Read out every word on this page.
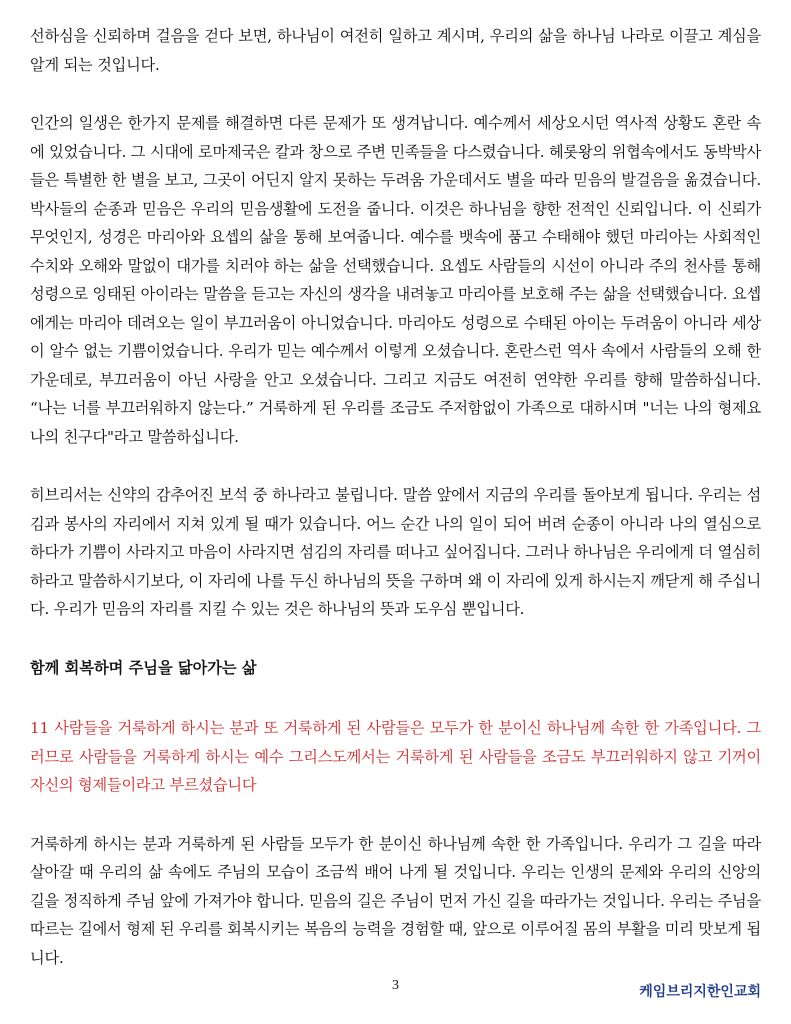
선하심을 신뢰하며 걸음을 걷다 보면, 하나님이 여전히 일하고 계시며, 우리의 삶을 하나님 나라로 이끌고 계심을 알게 되는 것입니다.

인간의 일생은 한가지 문제를 해결하면 다른 문제가 또 생겨납니다. 예수께서 세상오시던 역사적 상황도 혼란 속에 있었습니다. 그 시대에 로마제국은 칼과 창으로 주변 민족들을 다스렸습니다. 헤롯왕의 위협속에서도 동박박사들은 특별한 한 별을 보고, 그곳이 어딘지 알지 못하는 두려움 가운데서도 별을 따라 믿음의 발걸음을 옮겼습니다. 박사들의 순종과 믿음은 우리의 믿음생활에 도전을 줍니다. 이것은 하나님을 향한 전적인 신뢰입니다. 이 신뢰가 무엇인지, 성경은 마리아와 요셉의 삶을 통해 보여줍니다. 예수를 뱃속에 품고 수태해야 했던 마리아는 사회적인 수치와 오해와 말없이 대가를 치러야 하는 삶을 선택했습니다. 요셉도 사람들의 시선이 아니라 주의 천사를 통해 성령으로 잉태된 아이라는 말씀을 듣고는 자신의 생각을 내려놓고 마리아를 보호해 주는 삶을 선택했습니다. 요셉에게는 마리아 데려오는 일이 부끄러움이 아니었습니다. 마리아도 성령으로 수태된 아이는 두려움이 아니라 세상이 알수 없는 기쁨이었습니다. 우리가 믿는 예수께서 이렇게 오셨습니다. 혼란스런 역사 속에서 사람들의 오해 한가운데로, 부끄러움이 아닌 사랑을 안고 오셨습니다. 그리고 지금도 여전히 연약한 우리를 향해 말씀하십니다. “나는 너를 부끄러워하지 않는다.” 거룩하게 된 우리를 조금도 주저함없이 가족으로 대하시며 "너는 나의 형제요 나의 친구다"라고 말씀하십니다.

히브리서는 신약의 감추어진 보석 중 하나라고 불립니다. 말씀 앞에서 지금의 우리를 돌아보게 됩니다. 우리는 섬김과 봉사의 자리에서 지쳐 있게 될 때가 있습니다. 어느 순간 나의 일이 되어 버려 순종이 아니라 나의 열심으로 하다가 기쁨이 사라지고 마음이 사라지면 섬김의 자리를 떠나고 싶어집니다. 그러나 하나님은 우리에게 더 열심히 하라고 말씀하시기보다, 이 자리에 나를 두신 하나님의 뜻을 구하며 왜 이 자리에 있게 하시는지 깨닫게 해 주십니다. 우리가 믿음의 자리를 지킬 수 있는 것은 하나님의 뜻과 도우심 뿐입니다.

함께 회복하며 주님을 닮아가는 삶

11 사람들을 거룩하게 하시는 분과 또 거룩하게 된 사람들은 모두가 한 분이신 하나님께 속한 한 가족입니다. 그러므로 사람들을 거룩하게 하시는 예수 그리스도께서는 거룩하게 된 사람들을 조금도 부끄러워하지 않고 기꺼이 자신의 형제들이라고 부르셨습니다

거룩하게 하시는 분과 거룩하게 된 사람들 모두가 한 분이신 하나님께 속한 한 가족입니다. 우리가 그 길을 따라 살아갈 때 우리의 삶 속에도 주님의 모습이 조금씩 배어 나게 될 것입니다. 우리는 인생의 문제와 우리의 신앙의 길을 정직하게 주님 앞에 가져가야 합니다. 믿음의 길은 주님이 먼저 가신 길을 따라가는 것입니다. 우리는 주님을 따르는 길에서 형제 된 우리를 회복시키는 복음의 능력을 경험할 때, 앞으로 이루어질 몸의 부활을 미리 맛보게 됩니다.

3	케임브리지한인교회
